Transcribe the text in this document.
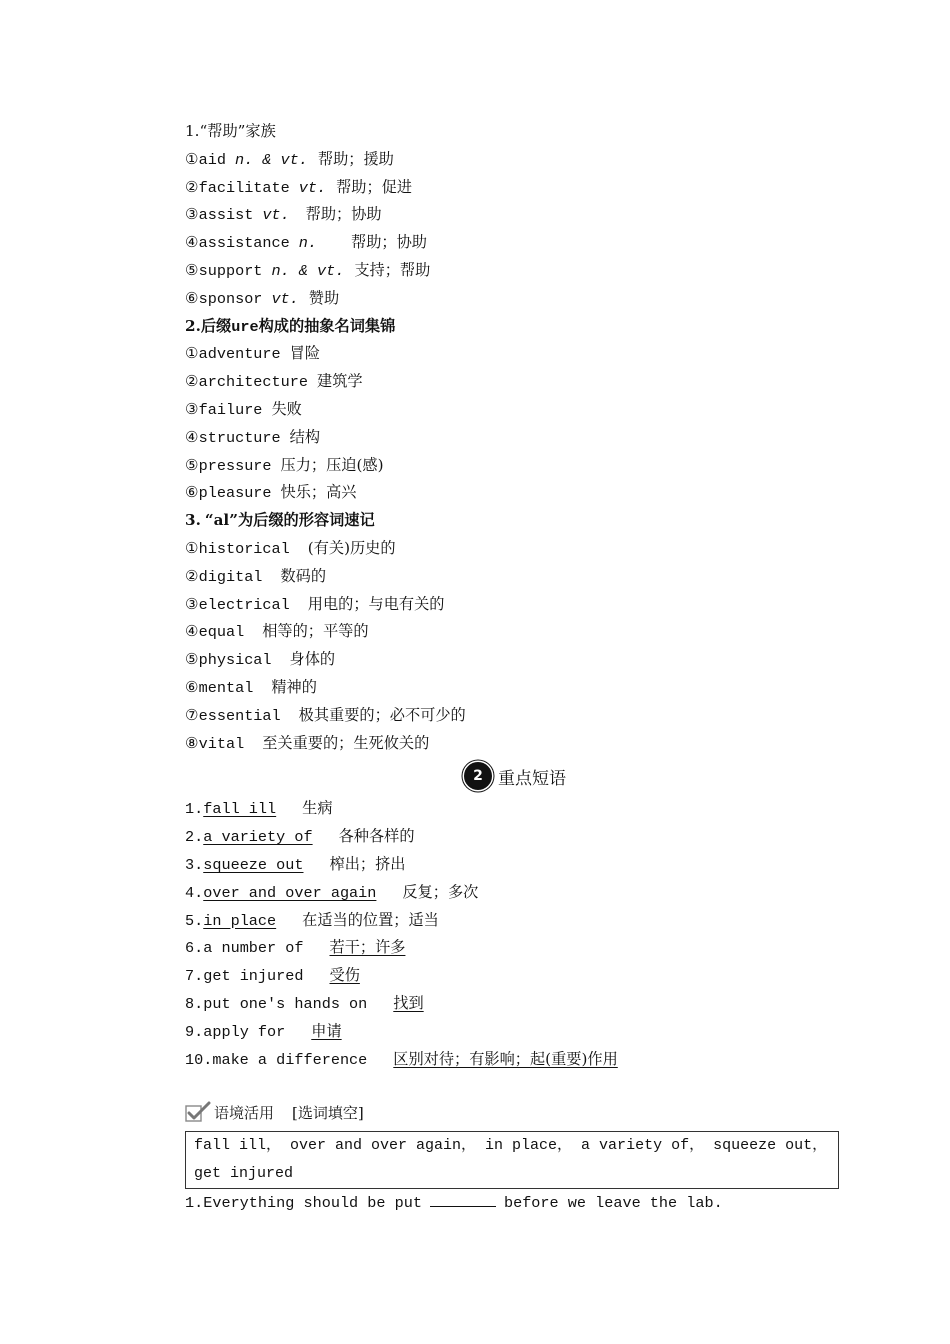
1.“帮助”家族
①aid n. & vt. 帮助；援助
②facilitate vt. 帮助；促进
③assist vt. 帮助；协助
④assistance n. 帮助；协助
⑤support n. & vt. 支持；帮助
⑥sponsor vt. 赞助
2.后缀ure构成的抽象名词集锦
①adventure 冒险
②architecture 建筑学
③failure 失败
④structure 结构
⑤pressure 压力；压迫(感)
⑥pleasure 快乐；高兴
3. “al”为后缀的形容词速记
①historical (有关)历史的
②digital 数码的
③electrical 用电的；与电有关的
④equal 相等的；平等的
⑤physical 身体的
⑥mental 精神的
⑦essential 极其重要的；必不可少的
⑧vital 至关重要的；生死攸关的
2 重点短语
1.fall ill 生病
2.a variety of 各种各样的
3.squeeze out 榨出；挤出
4.over and over again 反复；多次
5.in place 在适当的位置；适当
6.a number of 若干；许多
7.get injured 受伤
8.put one's hands on 找到
9.apply for 申请
10.make a difference 区别对待；有影响；起(重要)作用
语境活用 [选词填空]
fall ill， over and over again， in place， a variety of， squeeze out，
get injured
1.Everything should be put	before we leave the lab.
